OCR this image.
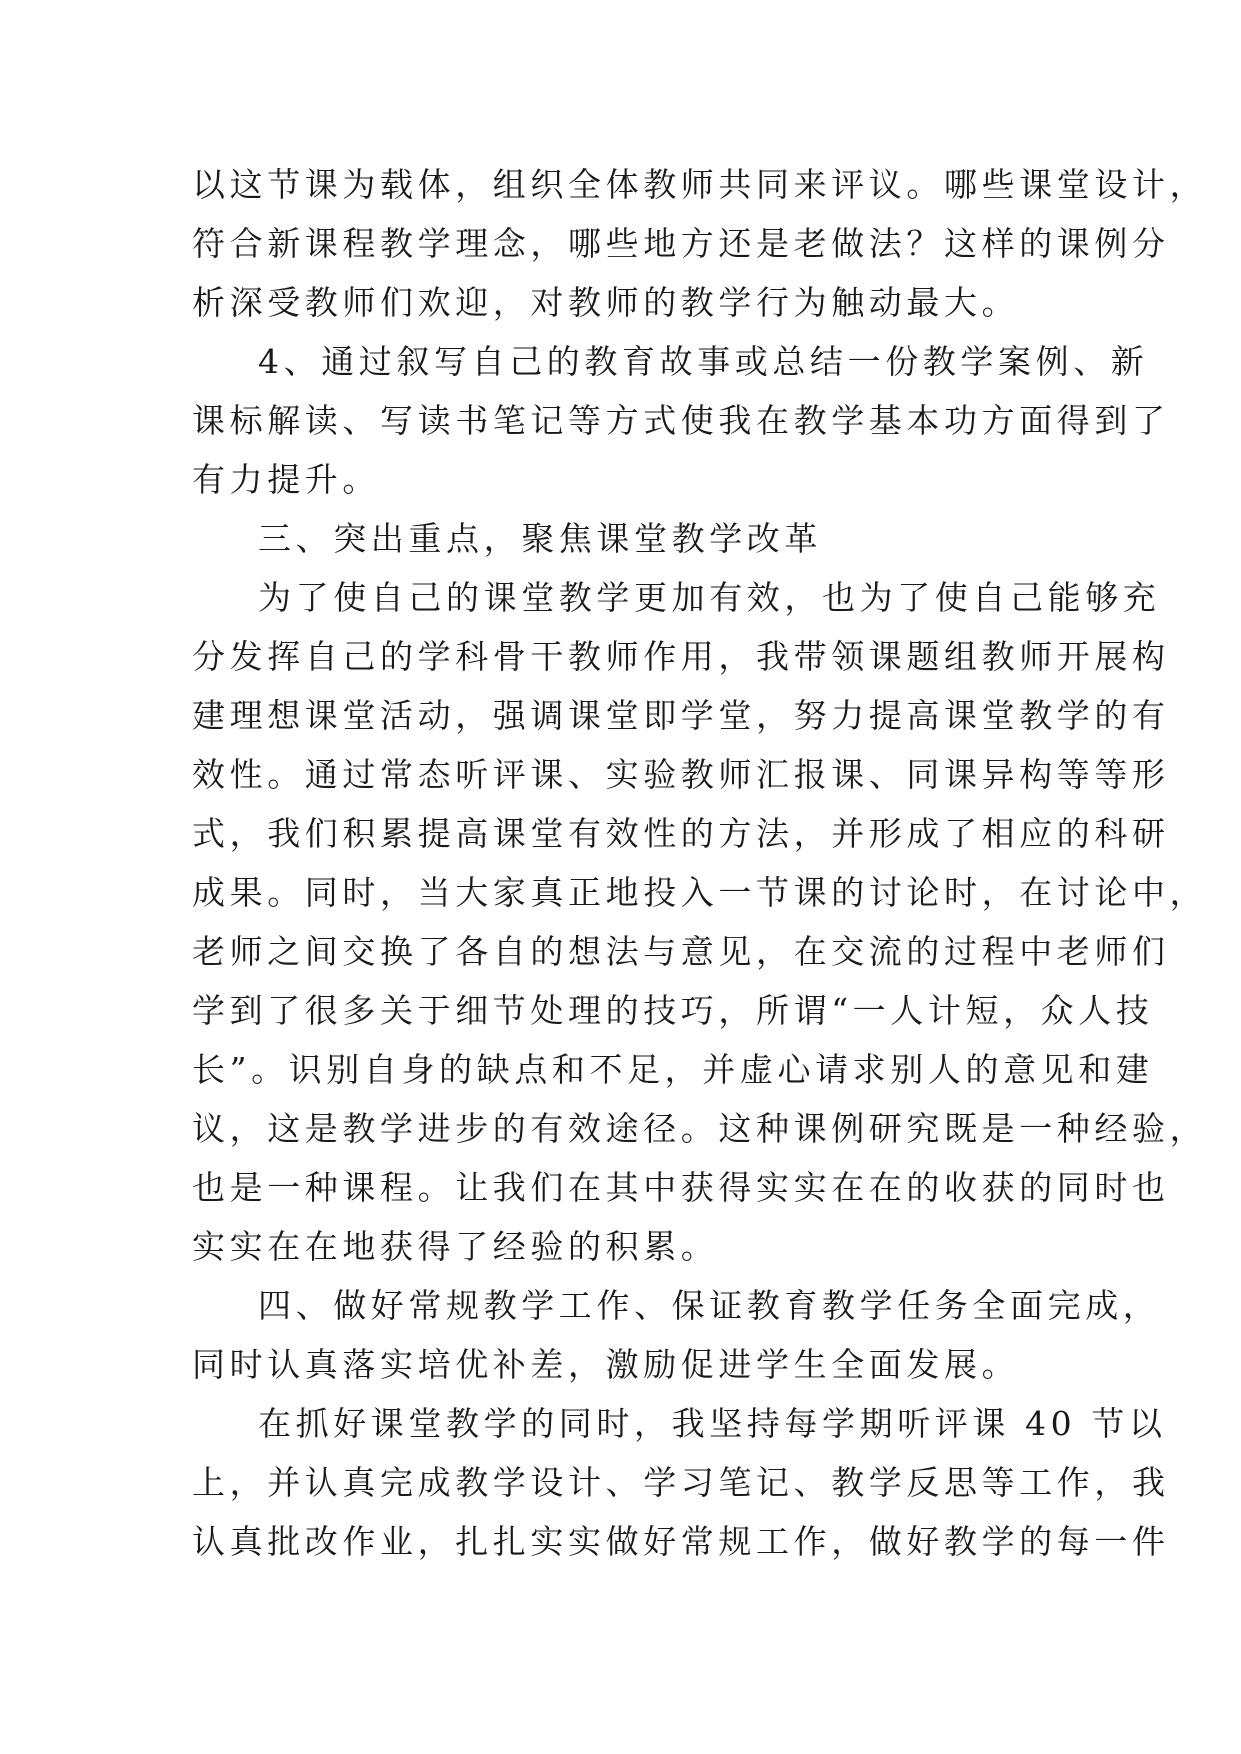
以这节课为载体，组织全体教师共同来评议。哪些课堂设计，
符合新课程教学理念，哪些地方还是老做法？这样的课例分
析深受教师们欢迎，对教师的教学行为触动最大。
4、通过叙写自己的教育故事或总结一份教学案例、新
课标解读、写读书笔记等方式使我在教学基本功方面得到了
有力提升。
三、突出重点，聚焦课堂教学改革
为了使自己的课堂教学更加有效，也为了使自己能够充
分发挥自己的学科骨干教师作用，我带领课题组教师开展构
建理想课堂活动，强调课堂即学堂，努力提高课堂教学的有
效性。通过常态听评课、实验教师汇报课、同课异构等等形
式，我们积累提高课堂有效性的方法，并形成了相应的科研
成果。同时，当大家真正地投入一节课的讨论时，在讨论中，
老师之间交换了各自的想法与意见，在交流的过程中老师们
学到了很多关于细节处理的技巧，所谓“一人计短，众人技
长”。识别自身的缺点和不足，并虚心请求别人的意见和建
议，这是教学进步的有效途径。这种课例研究既是一种经验，
也是一种课程。让我们在其中获得实实在在的收获的同时也
实实在在地获得了经验的积累。
四、做好常规教学工作、保证教育教学任务全面完成，
同时认真落实培优补差，激励促进学生全面发展。
在抓好课堂教学的同时，我坚持每学期听评课 40 节以
上，并认真完成教学设计、学习笔记、教学反思等工作，我
认真批改作业，扎扎实实做好常规工作，做好教学的每一件
